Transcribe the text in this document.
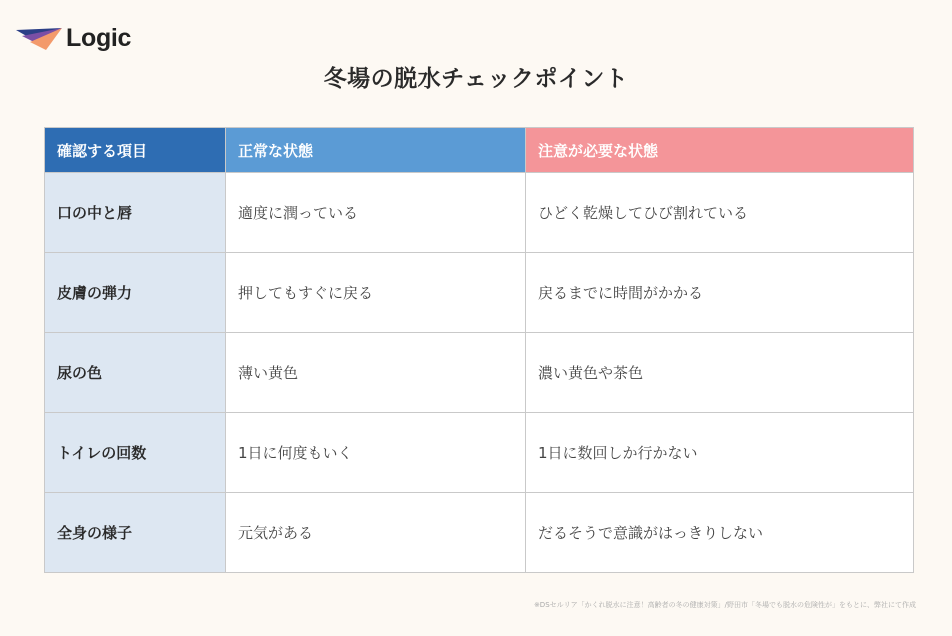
Logic
冬場の脱水チェックポイント
確認する項目	正常な状態	注意が必要な状態
口の中と唇	適度に潤っている	ひどく乾燥してひび割れている
皮膚の弾力	押してもすぐに戻る	戻るまでに時間がかかる
尿の色	薄い黄色	濃い黄色や茶色
トイレの回数	1日に何度もいく	1日に数回しか行かない
全身の様子	元気がある	だるそうで意識がはっきりしない
※DSセルリア「かくれ脱水に注意！高齢者の冬の健康対策」/野田市「冬場でも脱水の危険性が」をもとに、弊社にて作成
